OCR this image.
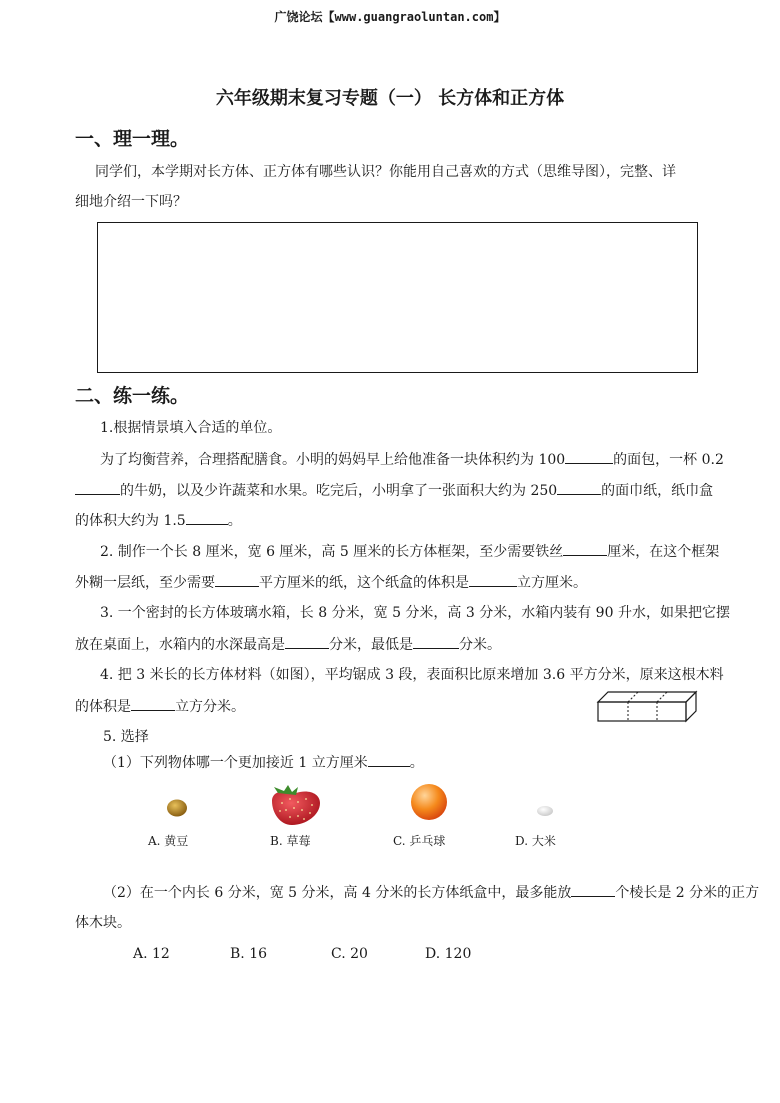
广饶论坛【www.guangraoluntan.com】
六年级期末复习专题（一） 长方体和正方体
一、理一理。
同学们，本学期对长方体、正方体有哪些认识？你能用自己喜欢的方式（思维导图），完整、详
细地介绍一下吗？
二、练一练。
1.根据情景填入合适的单位。
为了均衡营养，合理搭配膳食。小明的妈妈早上给他准备一块体积约为 100	的面包，一杯 0.2
的牛奶，以及少许蔬菜和水果。吃完后，小明拿了一张面积大约为 250	的面巾纸，纸巾盒
的体积大约为 1.5	。
2. 制作一个长 8 厘米，宽 6 厘米，高 5 厘米的长方体框架，至少需要铁丝	厘米，在这个框架
外糊一层纸，至少需要	平方厘米的纸，这个纸盒的体积是	立方厘米。
3. 一个密封的长方体玻璃水箱，长 8 分米，宽 5 分米，高 3 分米，水箱内装有 90 升水，如果把它摆
放在桌面上，水箱内的水深最高是	分米，最低是	分米。
4. 把 3 米长的长方体材料（如图），平均锯成 3 段，表面积比原来增加 3.6 平方分米，原来这根木料
的体积是	立方分米。
5. 选择
（1）下列物体哪一个更加接近 1 立方厘米	。
A. 黄豆	B. 草莓	C. 乒乓球	D. 大米
（2）在一个内长 6 分米，宽 5 分米，高 4 分米的长方体纸盒中，最多能放	个棱长是 2 分米的正方
体木块。
A. 12	B. 16	C. 20	D. 120
